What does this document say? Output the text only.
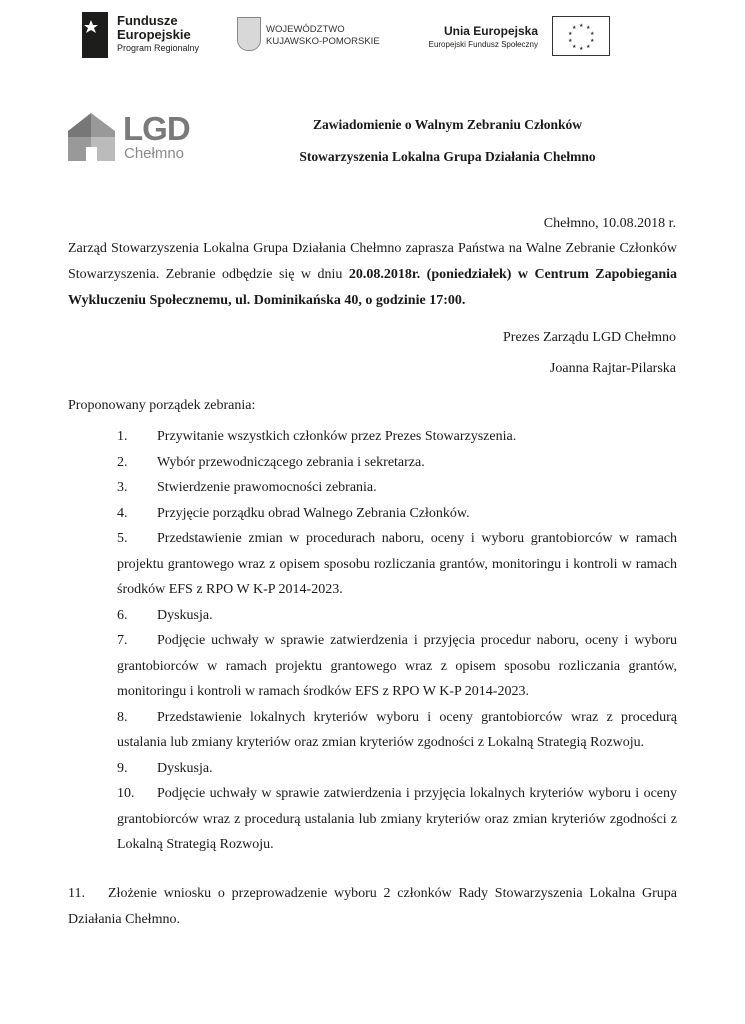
Fundusze
Europejskie
Program Regionalny
WOJEWÓDZTWO
KUJAWSKO-POMORSKIE
Unia Europejska
Europejski Fundusz Społeczny
★ ★
★
★
★
★
★
★
★
★
LGD
Chełmno
Zawiadomienie o Walnym Zebraniu Członków
Stowarzyszenia Lokalna Grupa Działania Chełmno
Chełmno, 10.08.2018 r.
Zarząd Stowarzyszenia Lokalna Grupa Działania Chełmno zaprasza Państwa na Walne Zebranie Członków Stowarzyszenia. Zebranie odbędzie się w dniu 20.08.2018r. (poniedziałek) w Centrum Zapobiegania Wykluczeniu Społecznemu, ul. Dominikańska 40, o godzinie 17:00.
Prezes Zarządu LGD Chełmno
Joanna Rajtar-Pilarska
Proponowany porządek zebrania:

1. Przywitanie wszystkich członków przez Prezes Stowarzyszenia.

2. Wybór przewodniczącego zebrania i sekretarza.

3. Stwierdzenie prawomocności zebrania.

4. Przyjęcie porządku obrad Walnego Zebrania Członków.

5. Przedstawienie zmian w procedurach naboru, oceny i wyboru grantobiorców w ramach projektu grantowego wraz z opisem sposobu rozliczania grantów, monitoringu i kontroli w ramach środków EFS z RPO W K-P 2014-2023.

6. Dyskusja.

7. Podjęcie uchwały w sprawie zatwierdzenia i przyjęcia procedur naboru, oceny i wyboru grantobiorców w ramach projektu grantowego wraz z opisem sposobu rozliczania grantów, monitoringu i kontroli w ramach środków EFS z RPO W K-P 2014-2023.

8. Przedstawienie lokalnych kryteriów wyboru i oceny grantobiorców wraz z procedurą ustalania lub zmiany kryteriów oraz zmian kryteriów zgodności z Lokalną Strategią Rozwoju.

9. Dyskusja.

10. Podjęcie uchwały w sprawie zatwierdzenia i przyjęcia lokalnych kryteriów wyboru i oceny grantobiorców wraz z procedurą ustalania lub zmiany kryteriów oraz zmian kryteriów zgodności z Lokalną Strategią Rozwoju.

11. Złożenie wniosku o przeprowadzenie wyboru 2 członków Rady Stowarzyszenia Lokalna Grupa Działania Chełmno.
